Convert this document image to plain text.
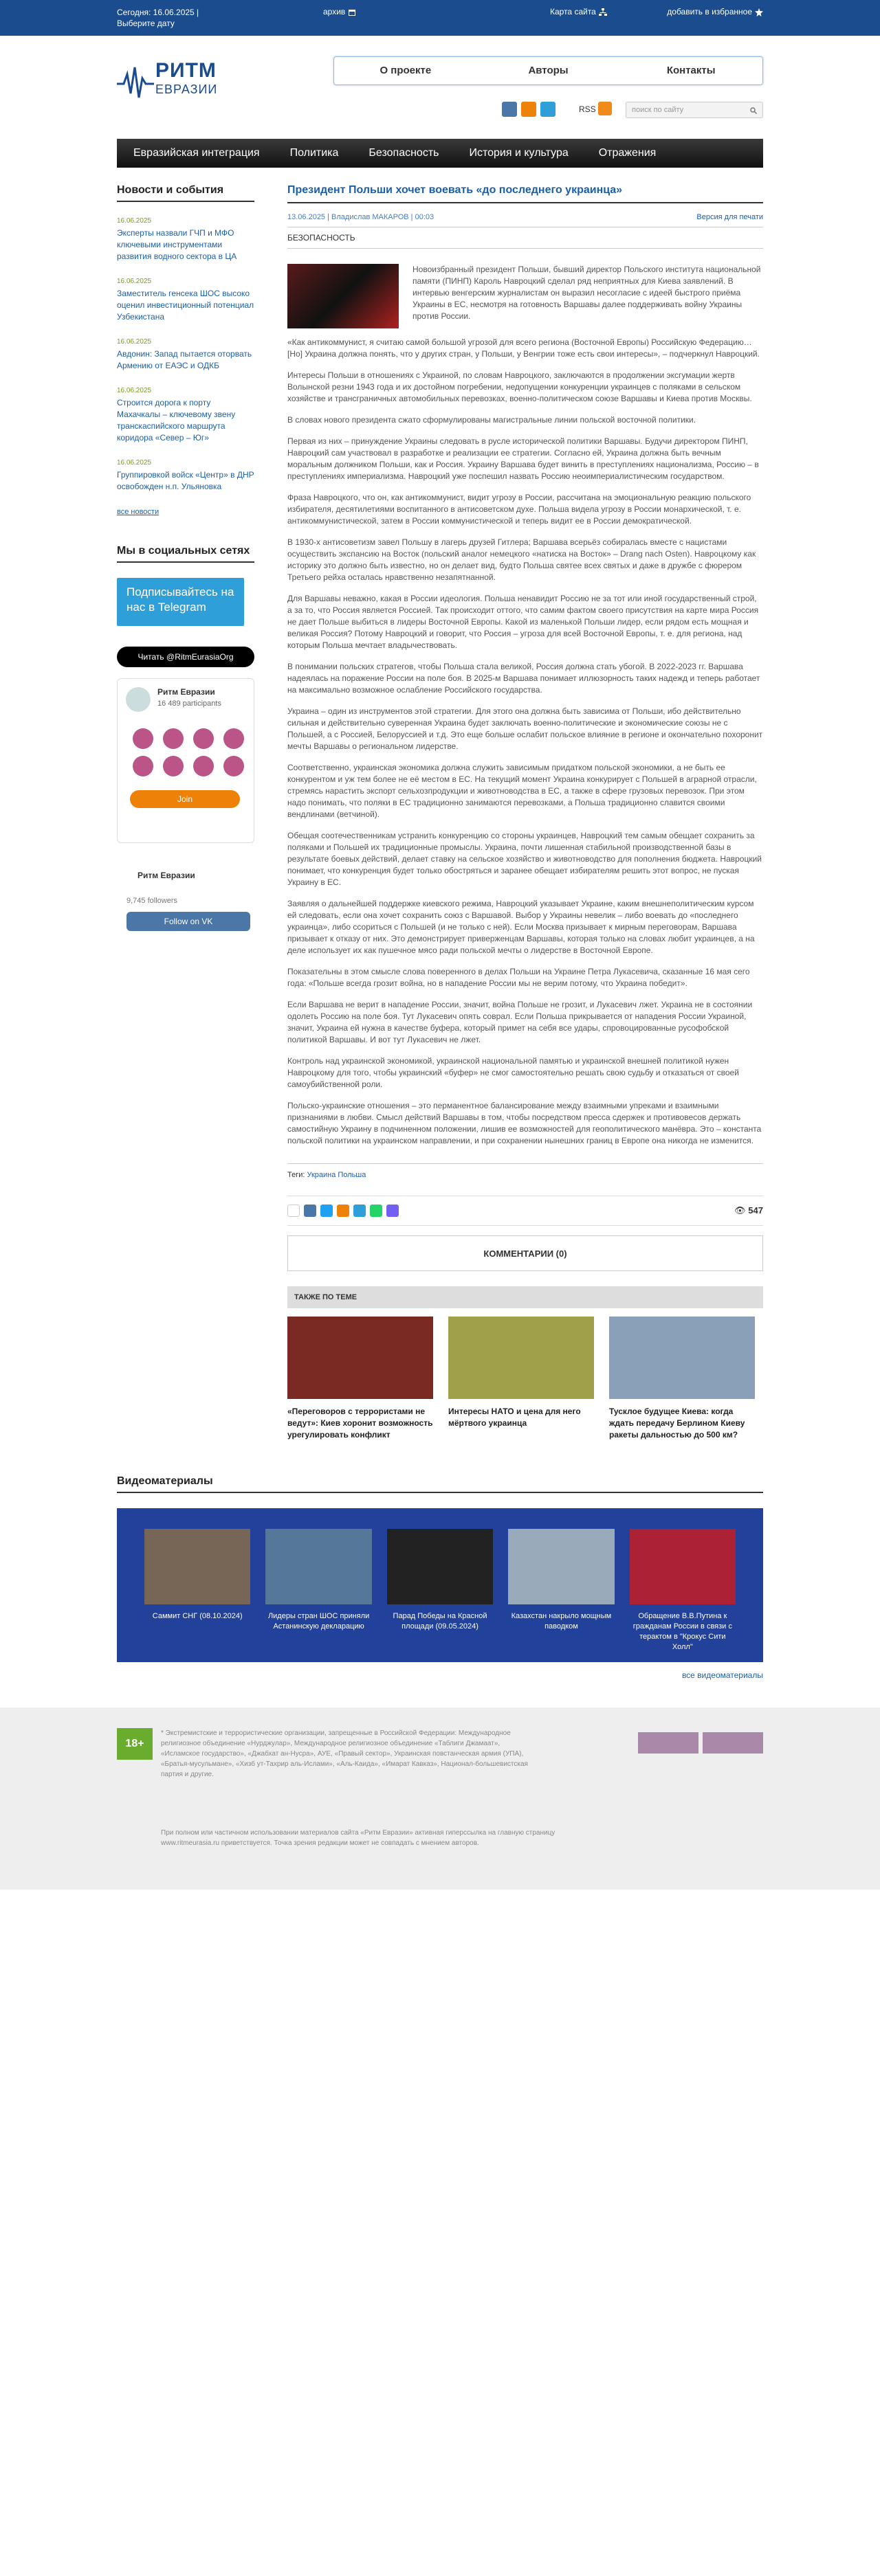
Сегодня: 16.06.2025 |
Выберите дату
архив	Карта сайта	добавить в избранное
РИТМ
ЕВРАЗИИ
О проекте	Авторы	Контакты
RSS	поиск по сайту
Евразийская интеграция	Политика	Безопасность	История и культура	Отражения
Новости и события
16.06.2025
Эксперты назвали ГЧП и МФО ключевыми инструментами развития водного сектора в ЦА
16.06.2025
Заместитель генсека ШОС высоко оценил инвестиционный потенциал Узбекистана
16.06.2025
Авдонин: Запад пытается оторвать Армению от ЕАЭС и ОДКБ
16.06.2025
Строится дорога к порту Махачкалы – ключевому звену транскаспийского маршрута коридора «Север – Юг»
16.06.2025
Группировкой войск «Центр» в ДНР освобожден н.п. Ульяновка
все новости
Мы в социальных сетях
Подписывайтесь на нас в Telegram
Читать @RitmEurasiaOrg
Ритм Евразии
16 489 participants
Join
Ритм Евразии
9,745 followers
Follow on VK
Президент Польши хочет воевать «до последнего украинца»
13.06.2025 | Владислав МАКАРОВ | 00:03	Версия для печати
БЕЗОПАСНОСТЬ

Новоизбранный президент Польши, бывший директор Польского института национальной памяти (ПИНП) Кароль Навроцкий сделал ряд неприятных для Киева заявлений. В интервью венгерским журналистам он выразил несогласие с идеей быстрого приёма Украины в ЕС, несмотря на готовность Варшавы далее поддерживать войну Украины против России.

«Как антикоммунист, я считаю самой большой угрозой для всего региона (Восточной Европы) Российскую Федерацию…[Но] Украина должна понять, что у других стран, у Польши, у Венгрии тоже есть свои интересы», – подчеркнул Навроцкий.

Интересы Польши в отношениях с Украиной, по словам Навроцкого, заключаются в продолжении эксгумации жертв Волынской резни 1943 года и их достойном погребении, недопущении конкуренции украинцев с поляками в сельском хозяйстве и трансграничных автомобильных перевозках, военно-политическом союзе Варшавы и Киева против Москвы.

В словах нового президента сжато сформулированы магистральные линии польской восточной политики.

Первая из них – принуждение Украины следовать в русле исторической политики Варшавы. Будучи директором ПИНП, Навроцкий сам участвовал в разработке и реализации ее стратегии. Согласно ей, Украина должна быть вечным моральным должником Польши, как и Россия. Украину Варшава будет винить в преступлениях национализма, Россию – в преступлениях империализма. Навроцкий уже поспешил назвать Россию неоимпериалистическим государством.

Фраза Навроцкого, что он, как антикоммунист, видит угрозу в России, рассчитана на эмоциональную реакцию польского избирателя, десятилетиями воспитанного в антисоветском духе. Польша видела угрозу в России монархической, т. е. антикоммунистической, затем в России коммунистической и теперь видит ее в России демократической.

В 1930-х антисоветизм завел Польшу в лагерь друзей Гитлера; Варшава всерьёз собиралась вместе с нацистами осуществить экспансию на Восток (польский аналог немецкого «натиска на Восток» – Drang nach Osten). Навроцкому как историку это должно быть известно, но он делает вид, будто Польша святее всех святых и даже в дружбе с фюрером Третьего рейха осталась нравственно незапятнанной.

Для Варшавы неважно, какая в России идеология. Польша ненавидит Россию не за тот или иной государственный строй, а за то, что Россия является Россией. Так происходит оттого, что самим фактом своего присутствия на карте мира Россия не дает Польше выбиться в лидеры Восточной Европы. Какой из маленькой Польши лидер, если рядом есть мощная и великая Россия? Потому Навроцкий и говорит, что Россия – угроза для всей Восточной Европы, т. е. для региона, над которым Польша мечтает владычествовать.

В понимании польских стратегов, чтобы Польша стала великой, Россия должна стать убогой. В 2022-2023 гг. Варшава надеялась на поражение России на поле боя. В 2025-м Варшава понимает иллюзорность таких надежд и теперь работает на максимально возможное ослабление Российского государства.

Украина – один из инструментов этой стратегии. Для этого она должна быть зависима от Польши, ибо действительно сильная и действительно суверенная Украина будет заключать военно-политические и экономические союзы не с Польшей, а с Россией, Белоруссией и т.д. Это еще больше ослабит польское влияние в регионе и окончательно похоронит мечты Варшавы о региональном лидерстве.

Соответственно, украинская экономика должна служить зависимым придатком польской экономики, а не быть ее конкурентом и уж тем более не её местом в ЕС. На текущий момент Украина конкурирует с Польшей в аграрной отрасли, стремясь нарастить экспорт сельхозпродукции и животноводства в ЕС, а также в сфере грузовых перевозок. При этом надо понимать, что поляки в ЕС традиционно занимаются перевозками, а Польша традиционно славится своими вендлинами (ветчиной).

Обещая соотечественникам устранить конкуренцию со стороны украинцев, Навроцкий тем самым обещает сохранить за поляками и Польшей их традиционные промыслы. Украина, почти лишенная стабильной производственной базы в результате боевых действий, делает ставку на сельское хозяйство и животноводство для пополнения бюджета. Навроцкий понимает, что конкуренция будет только обостряться и заранее обещает избирателям решить этот вопрос, не пуская Украину в ЕС.

Заявляя о дальнейшей поддержке киевского режима, Навроцкий указывает Украине, каким внешнеполитическим курсом ей следовать, если она хочет сохранить союз с Варшавой. Выбор у Украины невелик – либо воевать до «последнего украинца», либо ссориться с Польшей (и не только с ней). Если Москва призывает к мирным переговорам, Варшава призывает к отказу от них. Это демонстрирует приверженцам Варшавы, которая только на словах любит украинцев, а на деле использует их как пушечное мясо ради польской мечты о лидерстве в Восточной Европе.

Показательны в этом смысле слова поверенного в делах Польши на Украине Петра Лукасевича, сказанные 16 мая сего года: «Польше всегда грозит война, но в нападение России мы не верим потому, что Украина победит».

Если Варшава не верит в нападение России, значит, война Польше не грозит, и Лукасевич лжет. Украина не в состоянии одолеть Россию на поле боя. Тут Лукасевич опять соврал. Если Польша прикрывается от нападения России Украиной, значит, Украина ей нужна в качестве буфера, который примет на себя все удары, спровоцированные русофобской политикой Варшавы. И вот тут Лукасевич не лжет.

Контроль над украинской экономикой, украинской национальной памятью и украинской внешней политикой нужен Навроцкому для того, чтобы украинский «буфер» не смог самостоятельно решать свою судьбу и отказаться от своей самоубийственной роли.

Польско-украинские отношения – это перманентное балансирование между взаимными упреками и взаимными признаниями в любви. Смысл действий Варшавы в том, чтобы посредством пресса сдержек и противовесов держать самостийную Украину в подчиненном положении, лишив ее возможностей для геополитического манёвра. Это – константа польской политики на украинском направлении, и при сохранении нынешних границ в Европе она никогда не изменится.

Теги: Украина Польша
👁 547
КОММЕНТАРИИ (0)
ТАКЖЕ ПО ТЕМЕ
«Переговоров с террористами не ведут»: Киев хоронит возможность урегулировать конфликт
Интересы НАТО и цена для него мёртвого украинца
Тусклое будущее Киева: когда ждать передачу Берлином Киеву ракеты дальностью до 500 км?
Видеоматериалы
Саммит СНГ (08.10.2024)	Лидеры стран ШОС приняли Астанинскую декларацию
Парад Победы на Красной площади (09.05.2024)
Казахстан накрыло мощным паводком
Обращение В.В.Путина к гражданам России в связи с терактом в "Крокус Сити Холл"
все видеоматериалы
18+
* Экстремистские и террористические организации, запрещенные в Российской Федерации: Международное религиозное объединение «Нурджулар», Международное религиозное объединение «Таблиги Джамаат», «Исламское государство», «Джабхат ан-Нусра», АУЕ, «Правый сектор», Украинская повстанческая армия (УПА), «Братья-мусульмане», «Хизб ут-Тахрир аль-Ислами», «Аль-Каида», «Имарат Кавказ», Национал-большевистская партия и другие.
При полном или частичном использовании материалов сайта «Ритм Евразии» активная гиперссылка на главную страницу www.ritmeurasia.ru приветствуется. Точка зрения редакции может не совпадать с мнением авторов.
